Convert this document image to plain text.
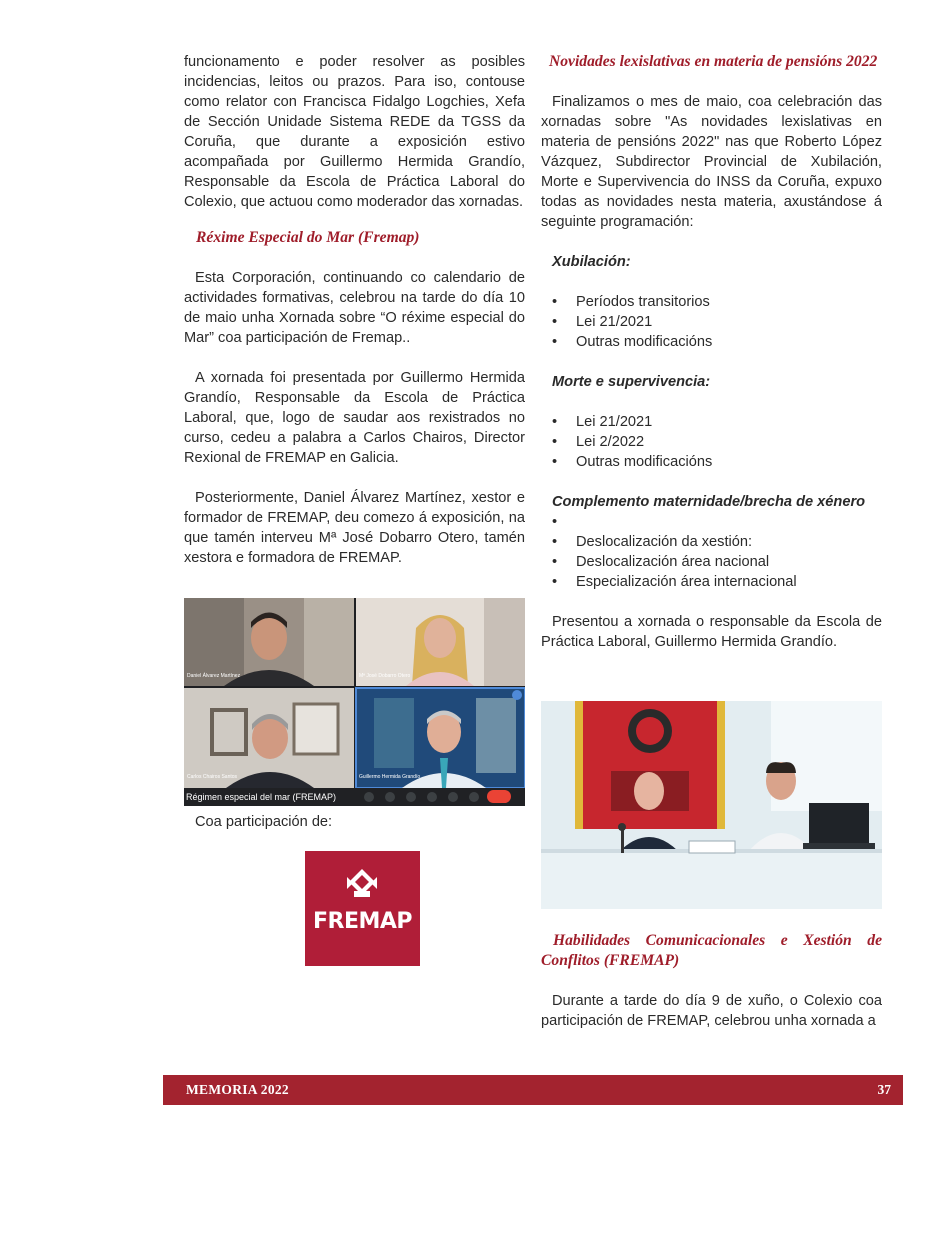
funcionamento e poder resolver as posibles incidencias, leitos ou prazos. Para iso, contouse como relator con Francisca Fidalgo Logchies, Xefa de Sección Unidade Sistema REDE da TGSS da Coruña, que durante a exposición estivo acompañada por Guillermo Hermida Grandío, Responsable da Escola de Práctica Laboral do Colexio, que actuou como moderador das xornadas.

Réxime Especial do Mar (Fremap)

Esta Corporación, continuando co calendario de actividades formativas, celebrou na tarde do día 10 de maio unha Xornada sobre “O réxime especial do Mar” coa participación de Fremap..

A xornada foi presentada por Guillermo Hermida Grandío, Responsable da Escola de Práctica Laboral, que, logo de saudar aos rexistrados no curso, cedeu a palabra a Carlos Chairos, Director Rexional de FREMAP en Galicia.

Posteriormente, Daniel Álvarez Martínez, xestor e formador de FREMAP, deu comezo á exposición, na que tamén interveu Mª José Dobarro Otero, tamén xestora e formadora de FREMAP.

Daniel Álvarez Martínez	Mª José Dobarro Otero
Carlos Chairos Santos	Guillermo Hermida Grandío
Régimen especial del mar (FREMAP)
Coa participación de:
FREMAP

Novidades lexislativas en materia de pensións 2022

Finalizamos o mes de maio, coa celebración das xornadas sobre "As novidades lexislativas en materia de pensións 2022" nas que Roberto López Vázquez, Subdirector Provincial de Xubilación, Morte e Supervivencia do INSS da Coruña, expuxo todas as novidades nesta materia, axustándose á seguinte programación:

Xubilación:

• Períodos transitorios
• Lei 21/2021
• Outras modificacións

Morte e supervivencia:

• Lei 21/2021
• Lei 2/2022
• Outras modificacións

Complemento maternidade/brecha de xénero

•
• Deslocalización da xestión:
• Deslocalización área nacional
• Especialización área internacional

Presentou a xornada o responsable da Escola de Práctica Laboral, Guillermo Hermida Grandío.

Habilidades Comunicacionales e Xestión de Conflitos (FREMAP)

Durante a tarde do día 9 de xuño, o Colexio coa participación de FREMAP, celebrou unha xornada a

MEMORIA 2022	37
